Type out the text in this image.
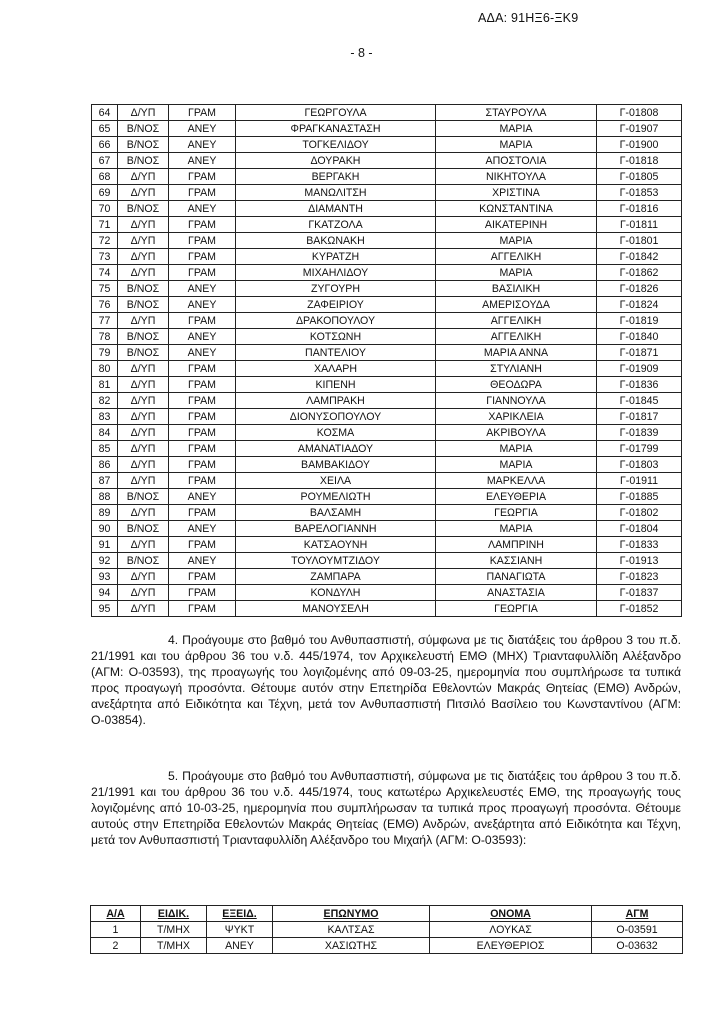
ΑΔΑ: 91ΗΞ6-ΞΚ9
- 8 -
64	Δ/ΥΠ	ΓΡΑΜ	ΓΕΩΡΓΟΥΛΑ	ΣΤΑΥΡΟΥΛΑ	Γ-01808
65	Β/ΝΟΣ	ΑΝΕΥ	ΦΡΑΓΚΑΝΑΣΤΑΣΗ	ΜΑΡΙΑ	Γ-01907
66	Β/ΝΟΣ	ΑΝΕΥ	ΤΟΓΚΕΛΙΔΟΥ	ΜΑΡΙΑ	Γ-01900
67	Β/ΝΟΣ	ΑΝΕΥ	ΔΟΥΡΑΚΗ	ΑΠΟΣΤΟΛΙΑ	Γ-01818
68	Δ/ΥΠ	ΓΡΑΜ	ΒΕΡΓΑΚΗ	ΝΙΚΗΤΟΥΛΑ	Γ-01805
69	Δ/ΥΠ	ΓΡΑΜ	ΜΑΝΩΛΙΤΣΗ	ΧΡΙΣΤΙΝΑ	Γ-01853
70	Β/ΝΟΣ	ΑΝΕΥ	ΔΙΑΜΑΝΤΗ	ΚΩΝΣΤΑΝΤΙΝΑ	Γ-01816
71	Δ/ΥΠ	ΓΡΑΜ	ΓΚΑΤΖΟΛΑ	ΑΙΚΑΤΕΡΙΝΗ	Γ-01811
72	Δ/ΥΠ	ΓΡΑΜ	ΒΑΚΩΝΑΚΗ	ΜΑΡΙΑ	Γ-01801
73	Δ/ΥΠ	ΓΡΑΜ	ΚΥΡΑΤΖΗ	ΑΓΓΕΛΙΚΗ	Γ-01842
74	Δ/ΥΠ	ΓΡΑΜ	ΜΙΧΑΗΛΙΔΟΥ	ΜΑΡΙΑ	Γ-01862
75	Β/ΝΟΣ	ΑΝΕΥ	ΖΥΓΟΥΡΗ	ΒΑΣΙΛΙΚΗ	Γ-01826
76	Β/ΝΟΣ	ΑΝΕΥ	ΖΑΦΕΙΡΙΟΥ	ΑΜΕΡΙΣΟΥΔΑ	Γ-01824
77	Δ/ΥΠ	ΓΡΑΜ	ΔΡΑΚΟΠΟΥΛΟΥ	ΑΓΓΕΛΙΚΗ	Γ-01819
78	Β/ΝΟΣ	ΑΝΕΥ	ΚΟΤΣΩΝΗ	ΑΓΓΕΛΙΚΗ	Γ-01840
79	Β/ΝΟΣ	ΑΝΕΥ	ΠΑΝΤΕΛΙΟΥ	ΜΑΡΙΑ ΑΝΝΑ	Γ-01871
80	Δ/ΥΠ	ΓΡΑΜ	ΧΑΛΑΡΗ	ΣΤΥΛΙΑΝΗ	Γ-01909
81	Δ/ΥΠ	ΓΡΑΜ	ΚΙΠΕΝΗ	ΘΕΟΔΩΡΑ	Γ-01836
82	Δ/ΥΠ	ΓΡΑΜ	ΛΑΜΠΡΑΚΗ	ΓΙΑΝΝΟΥΛΑ	Γ-01845
83	Δ/ΥΠ	ΓΡΑΜ	ΔΙΟΝΥΣΟΠΟΥΛΟΥ	ΧΑΡΙΚΛΕΙΑ	Γ-01817
84	Δ/ΥΠ	ΓΡΑΜ	ΚΟΣΜΑ	ΑΚΡΙΒΟΥΛΑ	Γ-01839
85	Δ/ΥΠ	ΓΡΑΜ	ΑΜΑΝΑΤΙΑΔΟΥ	ΜΑΡΙΑ	Γ-01799
86	Δ/ΥΠ	ΓΡΑΜ	ΒΑΜΒΑΚΙΔΟΥ	ΜΑΡΙΑ	Γ-01803
87	Δ/ΥΠ	ΓΡΑΜ	ΧΕΙΛΑ	ΜΑΡΚΕΛΛΑ	Γ-01911
88	Β/ΝΟΣ	ΑΝΕΥ	ΡΟΥΜΕΛΙΩΤΗ	ΕΛΕΥΘΕΡΙΑ	Γ-01885
89	Δ/ΥΠ	ΓΡΑΜ	ΒΑΛΣΑΜΗ	ΓΕΩΡΓΙΑ	Γ-01802
90	Β/ΝΟΣ	ΑΝΕΥ	ΒΑΡΕΛΟΓΙΑΝΝΗ	ΜΑΡΙΑ	Γ-01804
91	Δ/ΥΠ	ΓΡΑΜ	ΚΑΤΣΑΟΥΝΗ	ΛΑΜΠΡΙΝΗ	Γ-01833
92	Β/ΝΟΣ	ΑΝΕΥ	ΤΟΥΛΟΥΜΤΖΙΔΟΥ	ΚΑΣΣΙΑΝΗ	Γ-01913
93	Δ/ΥΠ	ΓΡΑΜ	ΖΑΜΠΑΡΑ	ΠΑΝΑΓΙΩΤΑ	Γ-01823
94	Δ/ΥΠ	ΓΡΑΜ	ΚΟΝΔΥΛΗ	ΑΝΑΣΤΑΣΙΑ	Γ-01837
95	Δ/ΥΠ	ΓΡΑΜ	ΜΑΝΟΥΣΕΛΗ	ΓΕΩΡΓΙΑ	Γ-01852

4. Προάγουμε στο βαθμό του Ανθυπασπιστή, σύμφωνα με τις διατάξεις του άρθρου 3 του π.δ. 21/1991 και του άρθρου 36 του ν.δ. 445/1974, τον Αρχικελευστή ΕΜΘ (ΜΗΧ) Τριανταφυλλίδη Αλέξανδρο (ΑΓΜ: Ο-03593), της προαγωγής του λογιζομένης από 09-03-25, ημερομηνία που συμπλήρωσε τα τυπικά προς προαγωγή προσόντα. Θέτουμε αυτόν στην Επετηρίδα Εθελοντών Μακράς Θητείας (ΕΜΘ) Ανδρών, ανεξάρτητα από Ειδικότητα και Τέχνη, μετά τον Ανθυπασπιστή Πιτσιλό Βασίλειο του Κωνσταντίνου (ΑΓΜ: Ο-03854).

5. Προάγουμε στο βαθμό του Ανθυπασπιστή, σύμφωνα με τις διατάξεις του άρθρου 3 του π.δ. 21/1991 και του άρθρου 36 του ν.δ. 445/1974, τους κατωτέρω Αρχικελευστές ΕΜΘ, της προαγωγής τους λογιζομένης από 10-03-25, ημερομηνία που συμπλήρωσαν τα τυπικά προς προαγωγή προσόντα. Θέτουμε αυτούς στην Επετηρίδα Εθελοντών Μακράς Θητείας (ΕΜΘ) Ανδρών, ανεξάρτητα από Ειδικότητα και Τέχνη, μετά τον Ανθυπασπιστή Τριανταφυλλίδη Αλέξανδρο του Μιχαήλ (ΑΓΜ: Ο-03593):

Α/Α	ΕΙΔΙΚ.	ΕΞΕΙΔ.	ΕΠΩΝΥΜΟ	ΟΝΟΜΑ	ΑΓΜ
1	Τ/ΜΗΧ	ΨΥΚΤ	ΚΑΛΤΣΑΣ	ΛΟΥΚΑΣ	Ο-03591
2	Τ/ΜΗΧ	ΑΝΕΥ	ΧΑΣΙΩΤΗΣ	ΕΛΕΥΘΕΡΙΟΣ	Ο-03632
